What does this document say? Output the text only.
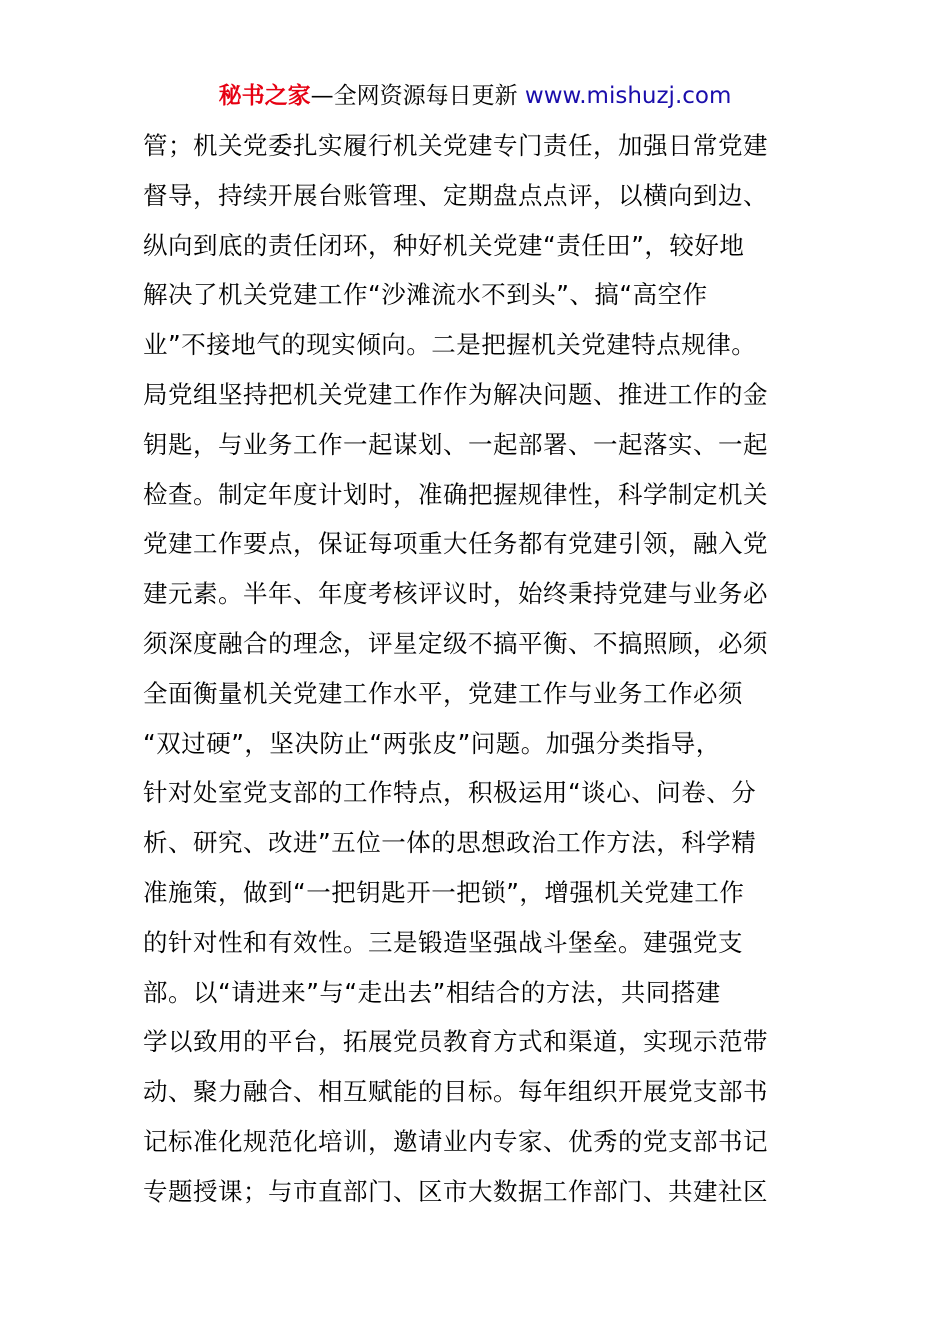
秘书之家—全网资源每日更新 www.mishuzj.com
管；机关党委扎实履行机关党建专门责任，加强日常党建
督导，持续开展台账管理、定期盘点点评，以横向到边、
纵向到底的责任闭环，种好机关党建“责任田”，较好地
解决了机关党建工作“沙滩流水不到头”、搞“高空作
业”不接地气的现实倾向。二是把握机关党建特点规律。
局党组坚持把机关党建工作作为解决问题、推进工作的金
钥匙，与业务工作一起谋划、一起部署、一起落实、一起
检查。制定年度计划时，准确把握规律性，科学制定机关
党建工作要点，保证每项重大任务都有党建引领，融入党
建元素。半年、年度考核评议时，始终秉持党建与业务必
须深度融合的理念，评星定级不搞平衡、不搞照顾，必须
全面衡量机关党建工作水平，党建工作与业务工作必须
“双过硬”，坚决防止“两张皮”问题。加强分类指导，
针对处室党支部的工作特点，积极运用“谈心、问卷、分
析、研究、改进”五位一体的思想政治工作方法，科学精
准施策，做到“一把钥匙开一把锁”，增强机关党建工作
的针对性和有效性。三是锻造坚强战斗堡垒。建强党支
部。以“请进来”与“走出去”相结合的方法，共同搭建
学以致用的平台，拓展党员教育方式和渠道，实现示范带
动、聚力融合、相互赋能的目标。每年组织开展党支部书
记标准化规范化培训，邀请业内专家、优秀的党支部书记
专题授课；与市直部门、区市大数据工作部门、共建社区
